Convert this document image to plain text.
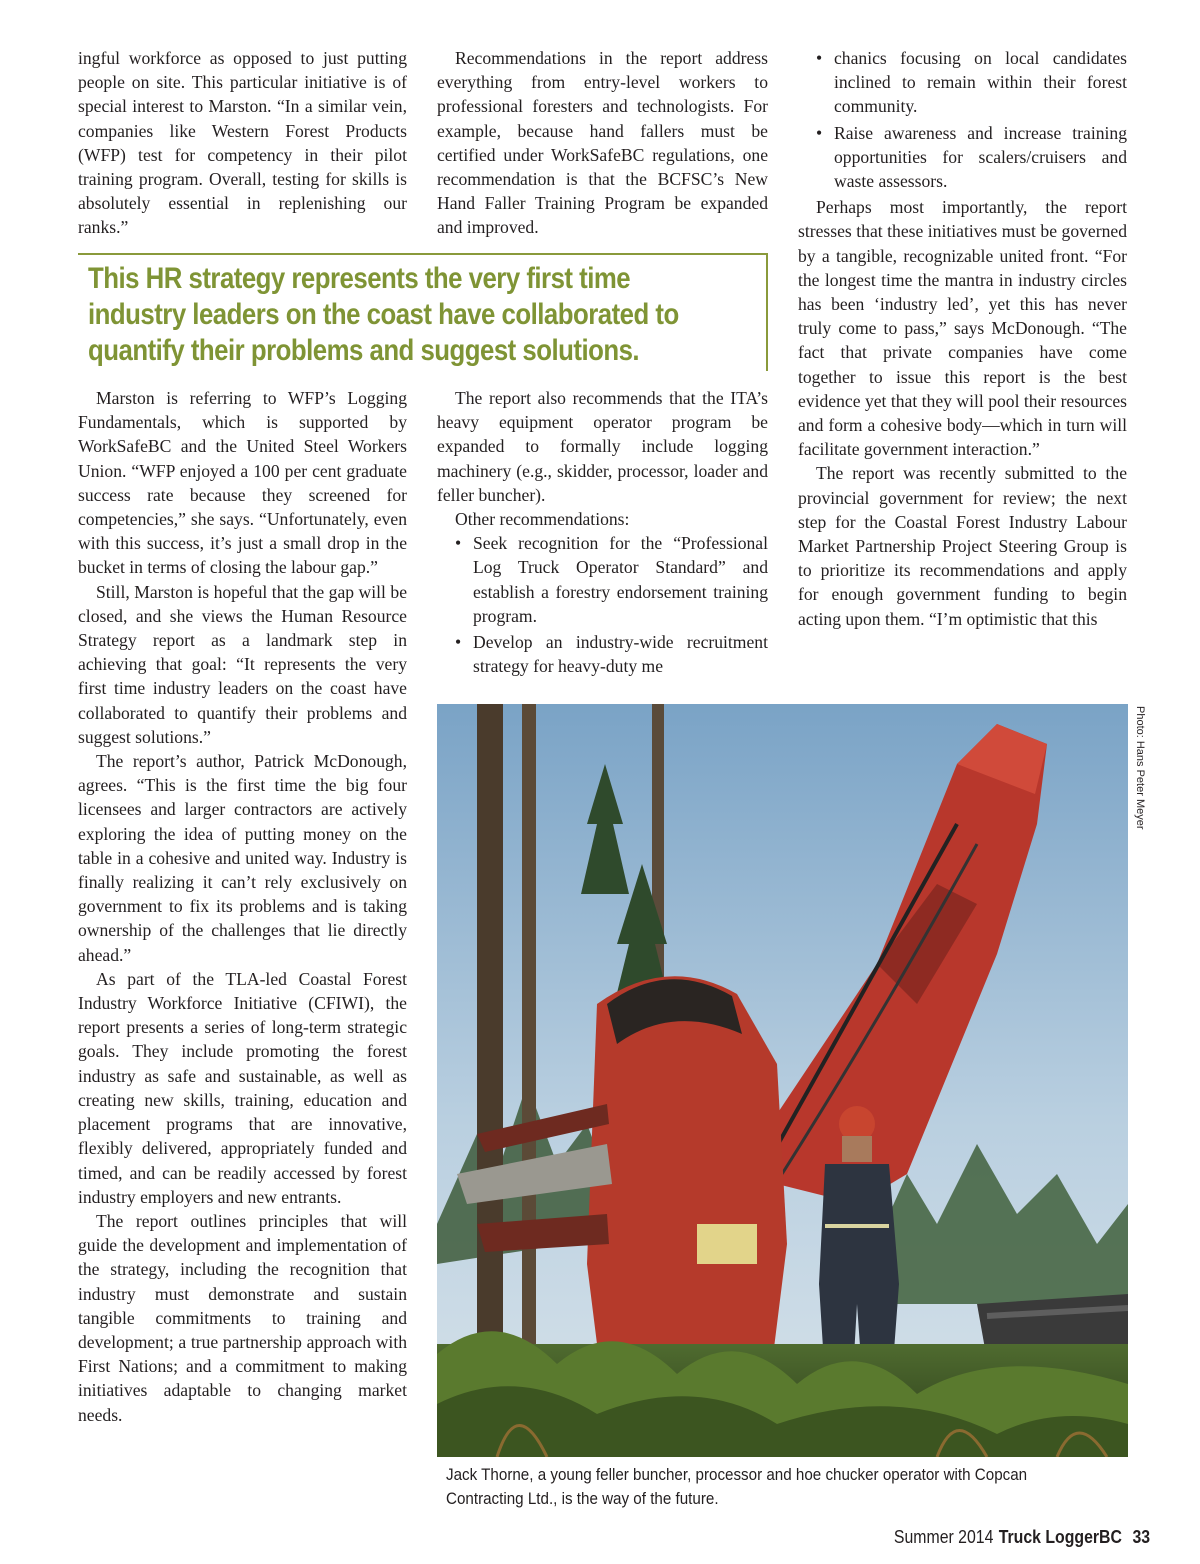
ingful workforce as opposed to just putting people on site. This particular initiative is of special interest to Marston. “In a similar vein, companies like Western Forest Products (WFP) test for competency in their pilot training program. Overall, testing for skills is absolutely essential in replenishing our ranks.”

Recommendations in the report address everything from entry-level workers to professional foresters and technologists. For example, because hand fallers must be certified under WorkSafeBC regulations, one recommendation is that the BCFSC’s New Hand Faller Training Program be expanded and improved.

• chanics focusing on local candidates inclined to remain within their forest community.
• Raise awareness and increase training opportunities for scalers/cruisers and waste assessors.

Perhaps most importantly, the report stresses that these initiatives must be governed by a tangible, recognizable united front. “For the longest time the mantra in industry circles has been ‘industry led’, yet this has never truly come to pass,” says McDonough. “The fact that private companies have come together to issue this report is the best evidence yet that they will pool their resources and form a cohesive body—which in turn will facilitate government interaction.”

The report was recently submitted to the provincial government for review; the next step for the Coastal Forest Industry Labour Market Partnership Project Steering Group is to prioritize its recommendations and apply for enough government funding to begin acting upon them. “I’m optimistic that this

This HR strategy represents the very first time
industry leaders on the coast have collaborated to
quantify their problems and suggest solutions.

Marston is referring to WFP’s Logging Fundamentals, which is supported by WorkSafeBC and the United Steel Workers Union. “WFP enjoyed a 100 per cent graduate success rate because they screened for competencies,” she says. “Unfortunately, even with this success, it’s just a small drop in the bucket in terms of closing the labour gap.”

Still, Marston is hopeful that the gap will be closed, and she views the Human Resource Strategy report as a landmark step in achieving that goal: “It represents the very first time industry leaders on the coast have collaborated to quantify their problems and suggest solutions.”

The report’s author, Patrick McDonough, agrees. “This is the first time the big four licensees and larger contractors are actively exploring the idea of putting money on the table in a cohesive and united way. Industry is finally realizing it can’t rely exclusively on government to fix its problems and is taking ownership of the challenges that lie directly ahead.”

As part of the TLA-led Coastal Forest Industry Workforce Initiative (CFIWI), the report presents a series of long-term strategic goals. They include promoting the forest industry as safe and sustainable, as well as creating new skills, training, education and placement programs that are innovative, flexibly delivered, appropriately funded and timed, and can be readily accessed by forest industry employers and new entrants.

The report outlines principles that will guide the development and implementation of the strategy, including the recognition that industry must demonstrate and sustain tangible commitments to training and development; a true partnership approach with First Nations; and a commitment to making initiatives adaptable to changing market needs.

The report also recommends that the ITA’s heavy equipment operator program be expanded to formally include logging machinery (e.g., skidder, processor, loader and feller buncher).

Other recommendations:

• Seek recognition for the “Professional Log Truck Operator Standard” and establish a forestry endorsement training program.
• Develop an industry-wide recruitment strategy for heavy-duty me
Photo: Hans Peter Meyer
Jack Thorne, a young feller buncher, processor and hoe chucker operator with Copcan Contracting Ltd., is the way of the future.
Summer 2014 Truck LoggerBC 33
